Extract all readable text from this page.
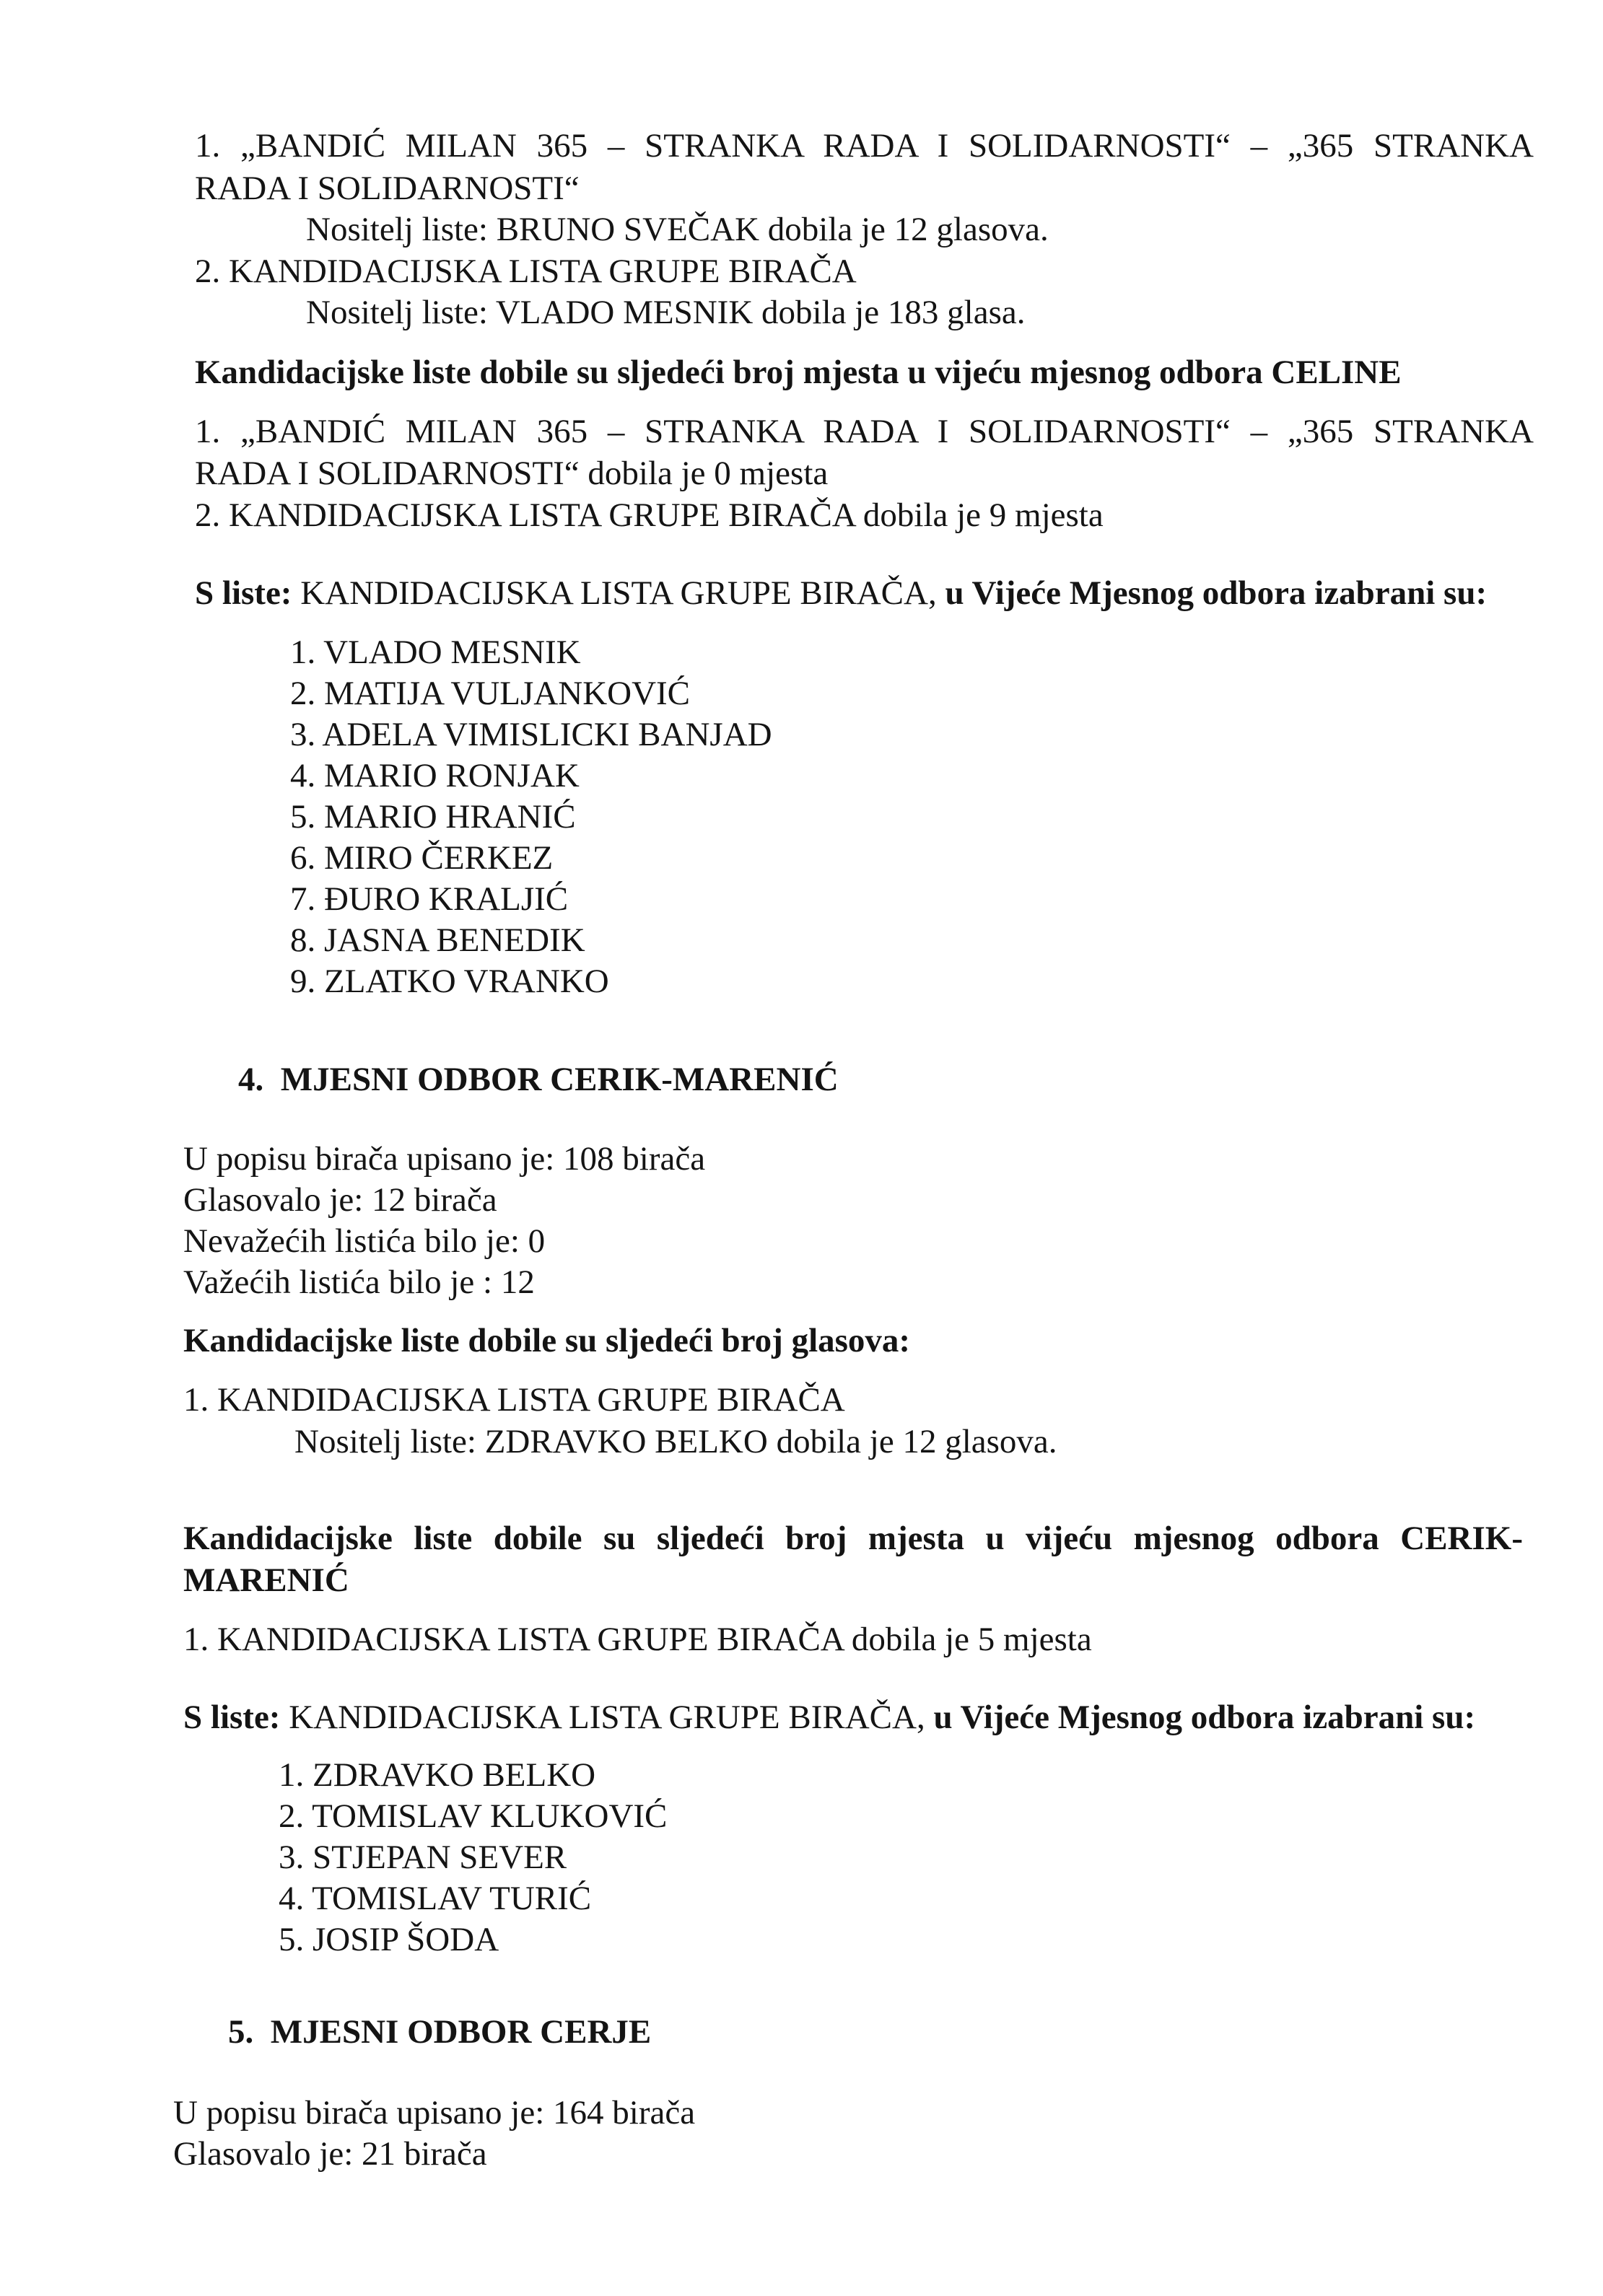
1. „BANDIĆ MILAN 365 – STRANKA RADA I SOLIDARNOSTI“ – „365 STRANKA
RADA I SOLIDARNOSTI“
Nositelj liste: BRUNO SVEČAK dobila je 12 glasova.
2. KANDIDACIJSKA LISTA GRUPE BIRAČA
Nositelj liste: VLADO MESNIK dobila je 183 glasa.
Kandidacijske liste dobile su sljedeći broj mjesta u vijeću mjesnog odbora CELINE
1. „BANDIĆ MILAN 365 – STRANKA RADA I SOLIDARNOSTI“ – „365 STRANKA
RADA I SOLIDARNOSTI“ dobila je 0 mjesta
2. KANDIDACIJSKA LISTA GRUPE BIRAČA dobila je 9 mjesta
S liste: KANDIDACIJSKA LISTA GRUPE BIRAČA, u Vijeće Mjesnog odbora izabrani su:
1. VLADO MESNIK
2. MATIJA VULJANKOVIĆ
3. ADELA VIMISLICKI BANJAD
4. MARIO RONJAK
5. MARIO HRANIĆ
6. MIRO ČERKEZ
7. ĐURO KRALJIĆ
8. JASNA BENEDIK
9. ZLATKO VRANKO
4.  MJESNI ODBOR CERIK-MARENIĆ
U popisu birača upisano je: 108 birača
Glasovalo je: 12 birača
Nevažećih listića bilo je: 0
Važećih listića bilo je : 12
Kandidacijske liste dobile su sljedeći broj glasova:
1. KANDIDACIJSKA LISTA GRUPE BIRAČA
Nositelj liste: ZDRAVKO BELKO dobila je 12 glasova.
Kandidacijske liste dobile su sljedeći broj mjesta u vijeću mjesnog odbora CERIK-
MARENIĆ
1. KANDIDACIJSKA LISTA GRUPE BIRAČA dobila je 5 mjesta
S liste: KANDIDACIJSKA LISTA GRUPE BIRAČA, u Vijeće Mjesnog odbora izabrani su:
1. ZDRAVKO BELKO
2. TOMISLAV KLUKOVIĆ
3. STJEPAN SEVER
4. TOMISLAV TURIĆ
5. JOSIP ŠODA
5.  MJESNI ODBOR CERJE
U popisu birača upisano je: 164 birača
Glasovalo je: 21 birača
